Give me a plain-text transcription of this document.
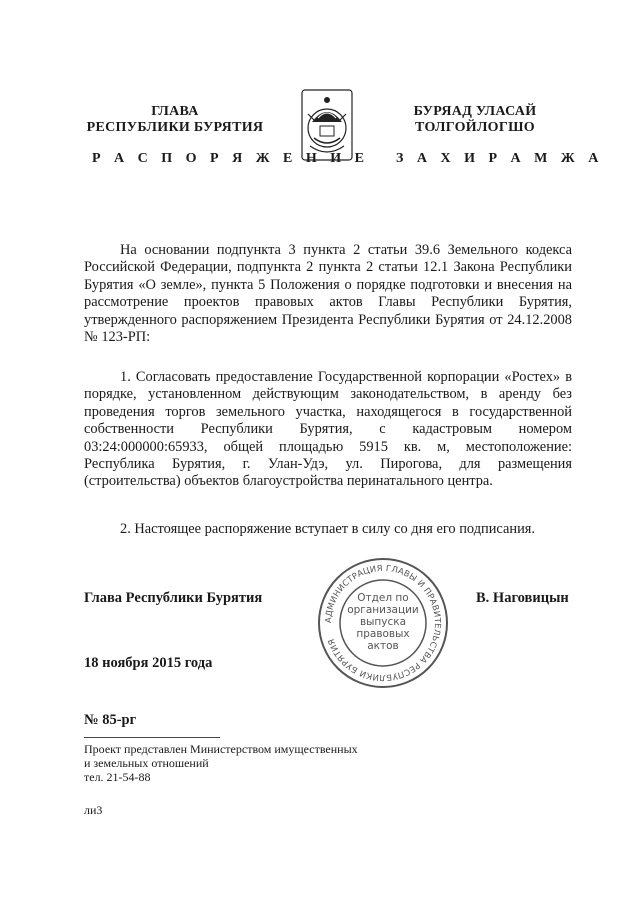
ГЛАВА
РЕСПУБЛИКИ БУРЯТИЯ
БУРЯАД УЛАСАЙ
ТОЛГОЙЛОГШО
Р А С П О Р Я Ж Е Н И Е З А Х И Р А М Ж А
На основании подпункта 3 пункта 2 статьи 39.6 Земельного кодекса Российской Федерации, подпункта 2 пункта 2 статьи 12.1 Закона Республики Бурятия «О земле», пункта 5 Положения о порядке подготовки и внесения на рассмотрение проектов правовых актов Главы Республики Бурятия, утвержденного распоряжением Президента Республики Бурятия от 24.12.2008 № 123-РП:
1. Согласовать предоставление Государственной корпорации «Ростех» в порядке, установленном действующим законодательством, в аренду без проведения торгов земельного участка, находящегося в государственной собственности Республики Бурятия, с кадастровым номером 03:24:000000:65933, общей площадью 5915 кв. м, местоположение: Республика Бурятия, г. Улан-Удэ, ул. Пирогова, для размещения (строительства) объектов благоустройства перинатального центра.
2. Настоящее распоряжение вступает в силу со дня его подписания.
Глава Республики Бурятия	В. Наговицын
АДМИНИСТРАЦИЯ ГЛАВЫ И ПРАВИТЕЛЬСТВА РЕСПУБЛИКИ БУРЯТИЯ
Отдел по
организации
выпуска
правовых
актов
18 ноября 2015 года
№ 85-рг
Проект представлен Министерством имущественных
и земельных отношений
тел. 21-54-88
ли3
